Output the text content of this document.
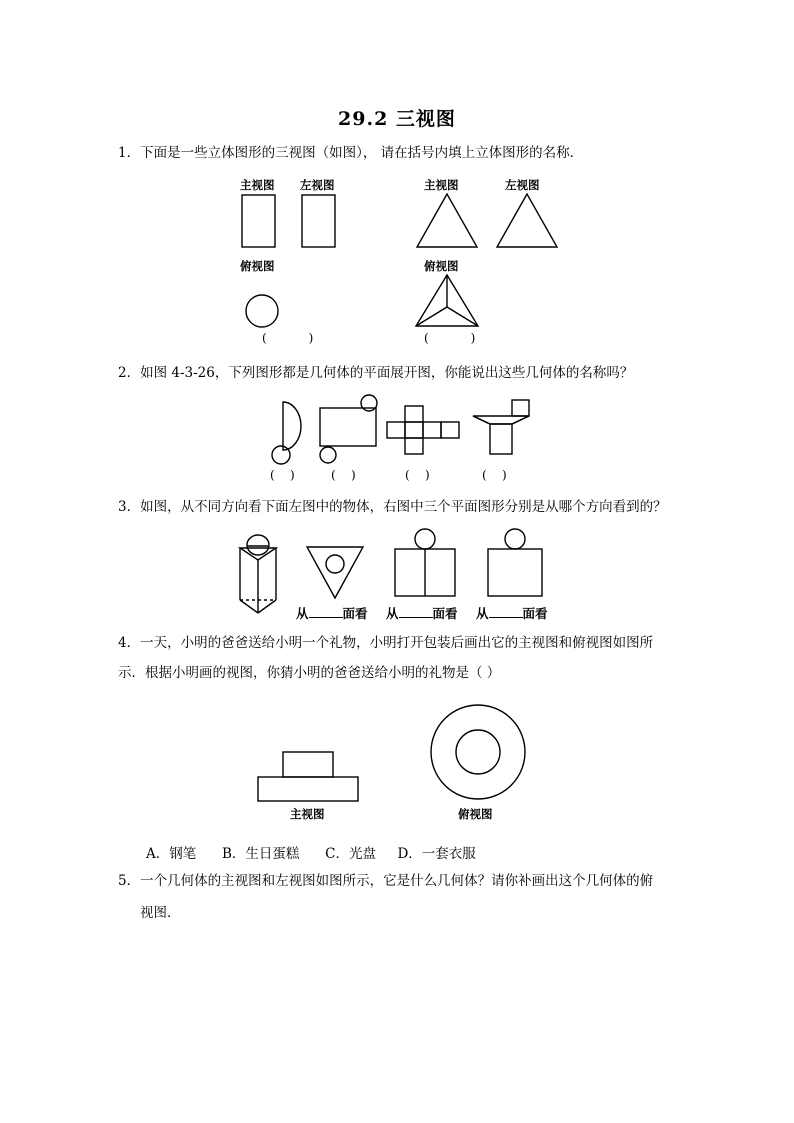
29.2 三视图
1．下面是一些立体图形的三视图（如图）， 请在括号内填上立体图形的名称．
主视图 左视图	主视图	左视图
俯视图	俯视图
(           )	(           )
2．如图 4-3-26，下列图形都是几何体的平面展开图，你能说出这些几何体的名称吗？
(    )	(    )	(    )	(    )
3．如图，从不同方向看下面左图中的物体，右图中三个平面图形分别是从哪个方向看到的？
从	面看 从	面看 从	面看
4．一天，小明的爸爸送给小明一个礼物，小明打开包装后画出它的主视图和俯视图如图所
示．根据小明画的视图，你猜小明的爸爸送给小明的礼物是（ ）
主视图	俯视图
A．钢笔      B．生日蛋糕      C．光盘     D．一套衣服
5．一个几何体的主视图和左视图如图所示，它是什么几何体？请你补画出这个几何体的俯
视图．
